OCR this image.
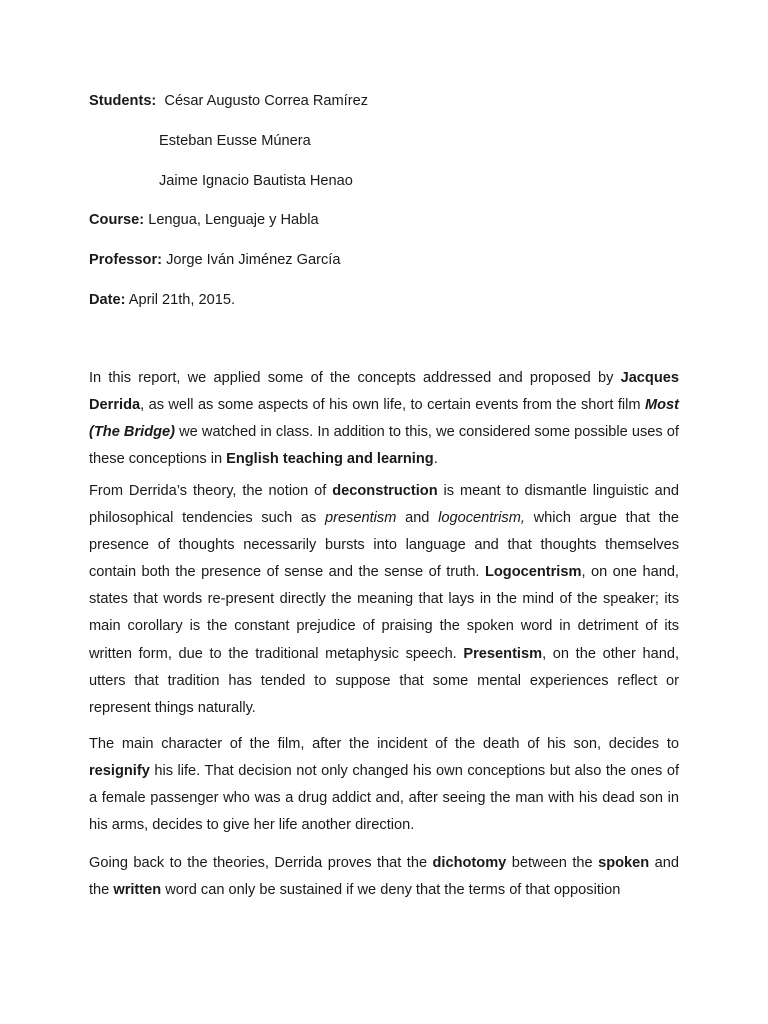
Students: César Augusto Correa Ramírez
Esteban Eusse Múnera
Jaime Ignacio Bautista Henao
Course: Lengua, Lenguaje y Habla
Professor: Jorge Iván Jiménez García
Date: April 21th, 2015.

In this report, we applied some of the concepts addressed and proposed by Jacques Derrida, as well as some aspects of his own life, to certain events from the short film Most (The Bridge) we watched in class. In addition to this, we considered some possible uses of these conceptions in English teaching and learning.

From Derrida’s theory, the notion of deconstruction is meant to dismantle linguistic and philosophical tendencies such as presentism and logocentrism, which argue that the presence of thoughts necessarily bursts into language and that thoughts themselves contain both the presence of sense and the sense of truth. Logocentrism, on one hand, states that words re-present directly the meaning that lays in the mind of the speaker; its main corollary is the constant prejudice of praising the spoken word in detriment of its written form, due to the traditional metaphysic speech. Presentism, on the other hand, utters that tradition has tended to suppose that some mental experiences reflect or represent things naturally.

The main character of the film, after the incident of the death of his son, decides to resignify his life. That decision not only changed his own conceptions but also the ones of a female passenger who was a drug addict and, after seeing the man with his dead son in his arms, decides to give her life another direction.

Going back to the theories, Derrida proves that the dichotomy between the spoken and the written word can only be sustained if we deny that the terms of that opposition
